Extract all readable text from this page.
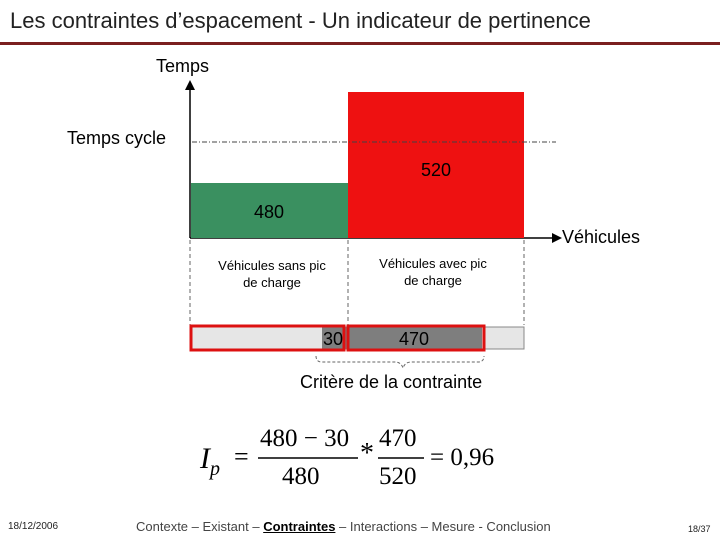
Les contraintes d’espacement - Un indicateur de pertinence
Temps
Temps cycle
520
480
Véhicules
Véhicules sans pic de charge
Véhicules avec pic de charge
30	470
Critère de la contrainte
$I_p$ =
480 − 30
480
* 470
520
= 0,96
18/12/2006	Contexte – Existant – Contraintes – Interactions – Mesure - Conclusion	18/37
